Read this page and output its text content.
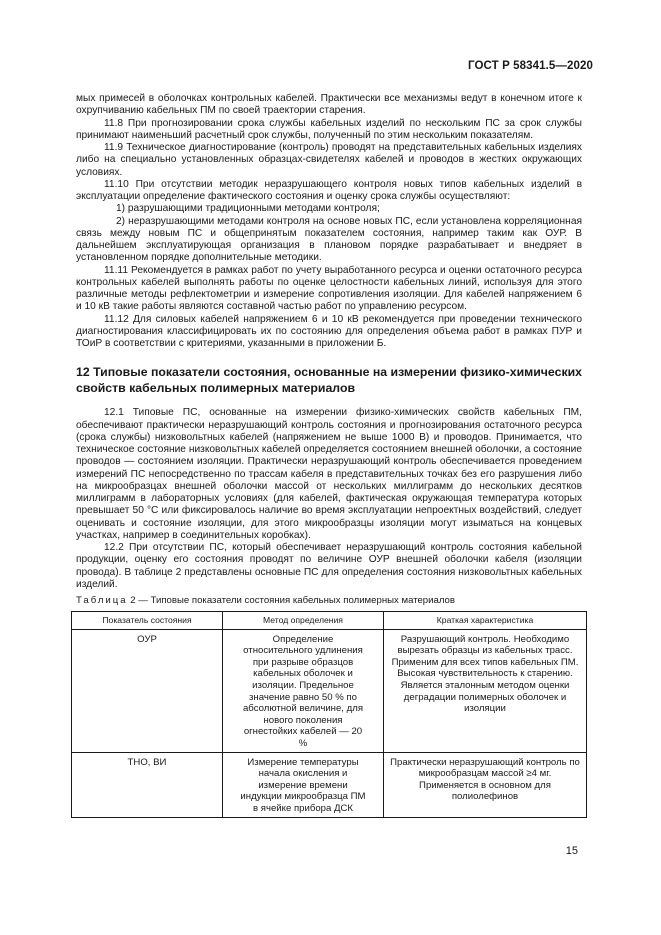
ГОСТ Р 58341.5—2020

мых примесей в оболочках контрольных кабелей. Практически все механизмы ведут в конечном итоге к охрупчиванию кабельных ПМ по своей траектории старения.

11.8 При прогнозировании срока службы кабельных изделий по нескольким ПС за срок службы принимают наименьший расчетный срок службы, полученный по этим нескольким показателям.

11.9 Техническое диагностирование (контроль) проводят на представительных кабельных изделиях либо на специально установленных образцах-свидетелях кабелей и проводов в жестких окружающих условиях.

11.10 При отсутствии методик неразрушающего контроля новых типов кабельных изделий в эксплуатации определение фактического состояния и оценку срока службы осуществляют:

1) разрушающими традиционными методами контроля;

2) неразрушающими методами контроля на основе новых ПС, если установлена корреляционная связь между новым ПС и общепринятым показателем состояния, например таким как ОУР. В дальнейшем эксплуатирующая организация в плановом порядке разрабатывает и внедряет в установленном порядке дополнительные методики.

11.11 Рекомендуется в рамках работ по учету выработанного ресурса и оценки остаточного ресурса контрольных кабелей выполнять работы по оценке целостности кабельных линий, используя для этого различные методы рефлектометрии и измерение сопротивления изоляции. Для кабелей напряжением 6 и 10 кВ такие работы являются составной частью работ по управлению ресурсом.

11.12 Для силовых кабелей напряжением 6 и 10 кВ рекомендуется при проведении технического диагностирования классифицировать их по состоянию для определения объема работ в рамках ПУР и ТОиР в соответствии с критериями, указанными в приложении Б.

12 Типовые показатели состояния, основанные на измерении физико-химических свойств кабельных полимерных материалов

12.1 Типовые ПС, основанные на измерении физико-химических свойств кабельных ПМ, обеспечивают практически неразрушающий контроль состояния и прогнозирования остаточного ресурса (срока службы) низковольтных кабелей (напряжением не выше 1000 В) и проводов. Принимается, что техническое состояние низковольтных кабелей определяется состоянием внешней оболочки, а состояние проводов — состоянием изоляции. Практически неразрушающий контроль обеспечивается проведением измерений ПС непосредственно по трассам кабеля в представительных точках без его разрушения либо на микрообразцах внешней оболочки массой от нескольких миллиграмм до нескольких десятков миллиграмм в лабораторных условиях (для кабелей, фактическая окружающая температура которых превышает 50 °С или фиксировалось наличие во время эксплуатации непроектных воздействий, следует оценивать и состояние изоляции, для этого микрообразцы изоляции могут изыматься на концевых участках, например в соединительных коробках).

12.2 При отсутствии ПС, который обеспечивает неразрушающий контроль состояния кабельной продукции, оценку его состояния проводят по величине ОУР внешней оболочки кабеля (изоляции провода). В таблице 2 представлены основные ПС для определения состояния низковольтных кабельных изделий.

Таблица 2 — Типовые показатели состояния кабельных полимерных материалов
Показатель состояния	Метод определения	Краткая характеристика
ОУР	Определение относительного удлинения при разрыве образцов кабельных оболочек и изоляции. Предельное значение равно 50 % по абсолютной величине, для нового поколения огнестойких кабелей — 20 %	Разрушающий контроль. Необходимо вырезать образцы из кабельных трасс. Применим для всех типов кабельных ПМ. Высокая чувствительность к старению. Является эталонным методом оценки деградации полимерных оболочек и изоляции
ТНО, ВИ	Измерение температуры начала окисления и измерение времени индукции микрообразца ПМ в ячейке прибора ДСК	Практически неразрушающий контроль по микрообразцам массой ≥4 мг. Применяется в основном для полиолефинов
15
